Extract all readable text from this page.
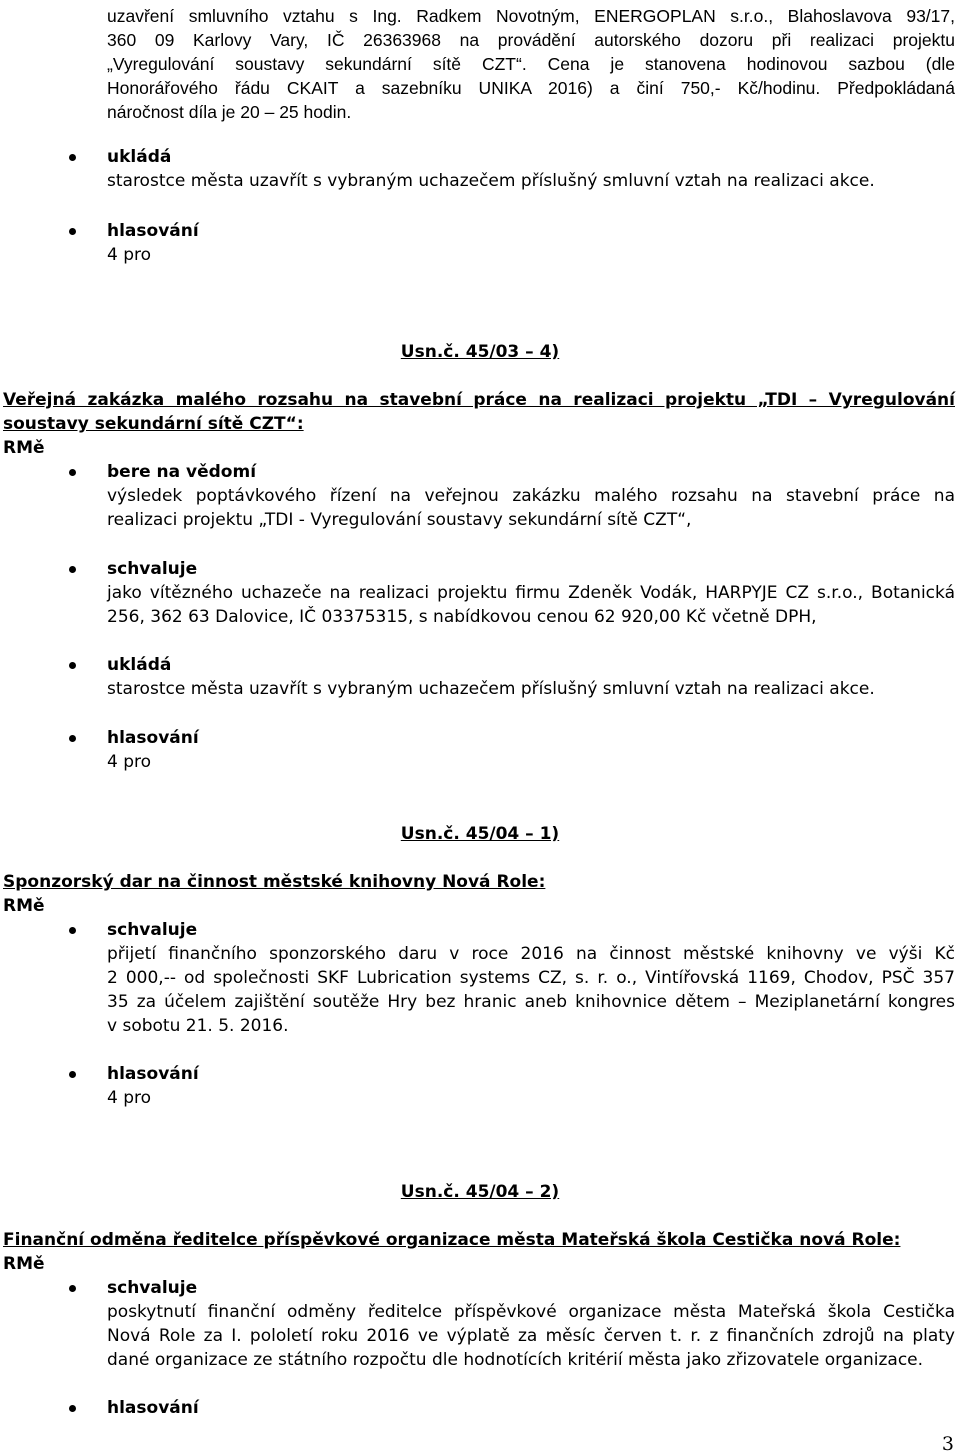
uzavření smluvního vztahu s Ing. Radkem Novotným, ENERGOPLAN s.r.o., Blahoslavova 93/17,
360 09 Karlovy Vary, IČ 26363968 na provádění autorského dozoru při realizaci projektu
„Vyregulování soustavy sekundární sítě CZT“. Cena je stanovena hodinovou sazbou (dle
Honorářového řádu CKAIT a sazebníku UNIKA 2016) a činí 750,- Kč/hodinu. Předpokládaná
náročnost díla je 20 – 25 hodin.
ukládá
starostce města uzavřít s vybraným uchazečem příslušný smluvní vztah na realizaci akce.
hlasování
4 pro
Usn.č. 45/03 – 4)
Veřejná zakázka malého rozsahu na stavební práce na realizaci projektu „TDI – Vyregulování
soustavy sekundární sítě CZT“:
RMě
bere na vědomí
výsledek poptávkového řízení na veřejnou zakázku malého rozsahu na stavební práce na
realizaci projektu „TDI - Vyregulování soustavy sekundární sítě CZT“,
schvaluje
jako vítězného uchazeče na realizaci projektu firmu Zdeněk Vodák, HARPYJE CZ s.r.o., Botanická
256, 362 63 Dalovice, IČ 03375315, s nabídkovou cenou 62 920,00 Kč včetně DPH,
ukládá
starostce města uzavřít s vybraným uchazečem příslušný smluvní vztah na realizaci akce.
hlasování
4 pro
Usn.č. 45/04 – 1)
Sponzorský dar na činnost městské knihovny Nová Role:
RMě
schvaluje
přijetí finančního sponzorského daru v roce 2016 na činnost městské knihovny ve výši Kč
2 000,-- od společnosti SKF Lubrication systems CZ, s. r. o., Vintířovská 1169, Chodov, PSČ 357
35 za účelem zajištění soutěže Hry bez hranic aneb knihovnice dětem – Meziplanetární kongres
v sobotu 21. 5. 2016.
hlasování
4 pro
Usn.č. 45/04 – 2)
Finanční odměna ředitelce příspěvkové organizace města Mateřská škola Cestička nová Role:
RMě
schvaluje
poskytnutí finanční odměny ředitelce příspěvkové organizace města Mateřská škola Cestička
Nová Role za I. pololetí roku 2016 ve výplatě za měsíc červen t. r. z finančních zdrojů na platy
dané organizace ze státního rozpočtu dle hodnotících kritérií města jako zřizovatele organizace.
hlasování
3
